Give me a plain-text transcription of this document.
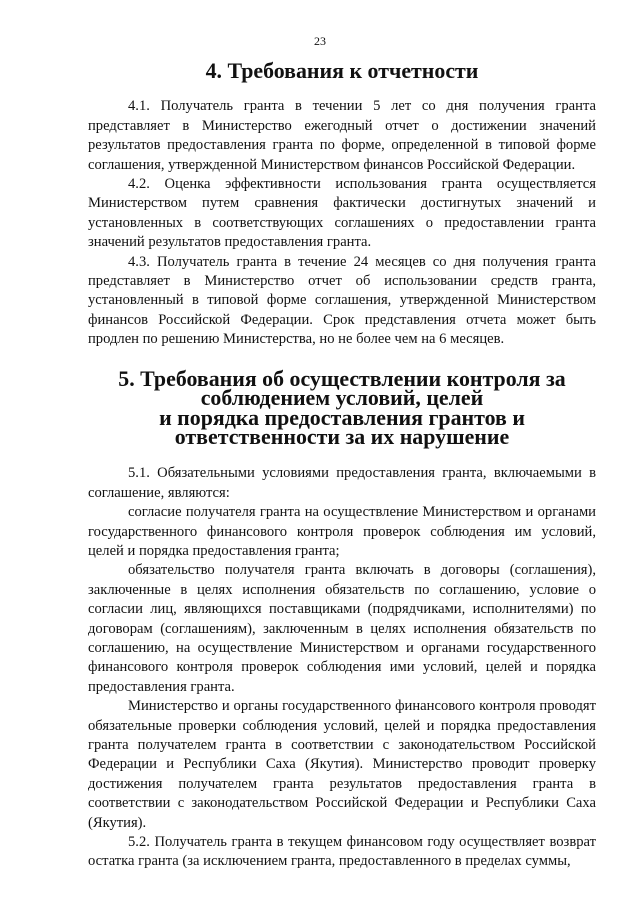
23
4. Требования к отчетности

4.1. Получатель гранта в течении 5 лет со дня получения гранта представляет в Министерство ежегодный отчет о достижении значений результатов предоставления гранта по форме, определенной в типовой форме соглашения, утвержденной Министерством финансов Российской Федерации.

4.2. Оценка эффективности использования гранта осуществляется Министерством путем сравнения фактически достигнутых значений и установленных в соответствующих соглашениях о предоставлении гранта значений результатов предоставления гранта.

4.3. Получатель гранта в течение 24 месяцев со дня получения гранта представляет в Министерство отчет об использовании средств гранта, установленный в типовой форме соглашения, утвержденной Министерством финансов Российской Федерации. Срок представления отчета может быть продлен по решению Министерства, но не более чем на 6 месяцев.

5. Требования об осуществлении контроля за соблюдением условий, целей
и порядка предоставления грантов и ответственности за их нарушение

5.1. Обязательными условиями предоставления гранта, включаемыми в соглашение, являются:

согласие получателя гранта на осуществление Министерством и органами государственного финансового контроля проверок соблюдения им условий, целей и порядка предоставления гранта;

обязательство получателя гранта включать в договоры (соглашения), заключенные в целях исполнения обязательств по соглашению, условие о согласии лиц, являющихся поставщиками (подрядчиками, исполнителями) по договорам (соглашениям), заключенным в целях исполнения обязательств по соглашению, на осуществление Министерством и органами государственного финансового контроля проверок соблюдения ими условий, целей и порядка предоставления гранта.

Министерство и органы государственного финансового контроля проводят обязательные проверки соблюдения условий, целей и порядка предоставления гранта получателем гранта в соответствии с законодательством Российской Федерации и Республики Саха (Якутия). Министерство проводит проверку достижения получателем гранта результатов предоставления гранта в соответствии с законодательством Российской Федерации и Республики Саха (Якутия).

5.2. Получатель гранта в текущем финансовом году осуществляет возврат остатка гранта (за исключением гранта, предоставленного в пределах суммы,
